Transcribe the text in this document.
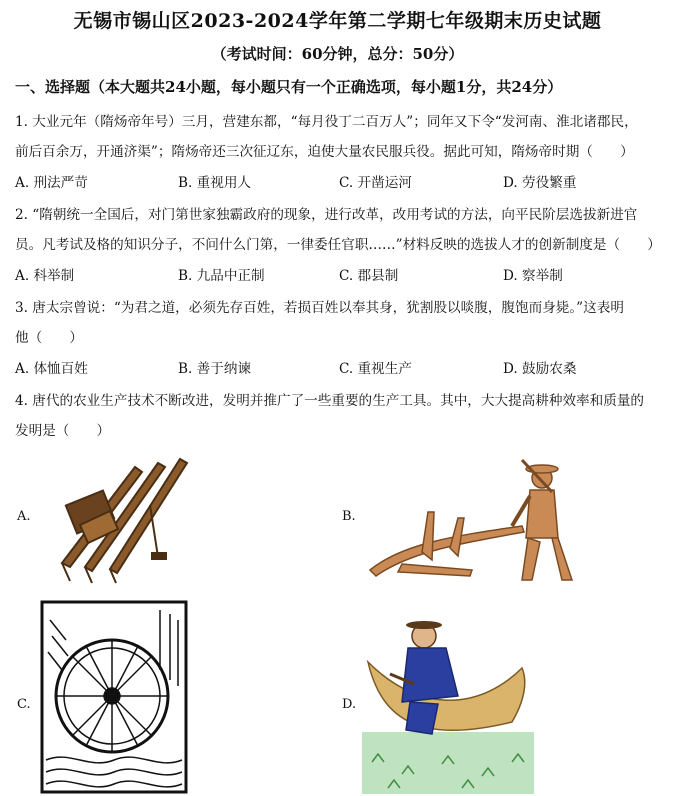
无锡市锡山区2023-2024学年第二学期七年级期末历史试题
（考试时间：60分钟，总分：50分）
一、选择题（本大题共24小题，每小题只有一个正确选项，每小题1分，共24分）
1. 大业元年（隋炀帝年号）三月，营建东都，“每月役丁二百万人”；同年又下令“发河南、淮北诸郡民，
前后百余万，开通济渠”；隋炀帝还三次征辽东，迫使大量农民服兵役。据此可知，隋炀帝时期（　　）
A. 刑法严苛	B. 重视用人	C. 开凿运河	D. 劳役繁重
2. “隋朝统一全国后，对门第世家独霸政府的现象，进行改革，改用考试的方法，向平民阶层选拔新进官
员。凡考试及格的知识分子，不问什么门第，一律委任官职……”材料反映的选拔人才的创新制度是（　　）
A. 科举制	B. 九品中正制	C. 郡县制	D. 察举制
3. 唐太宗曾说：“为君之道，必须先存百姓，若损百姓以奉其身，犹割股以啖腹，腹饱而身毙。”这表明
他（　　）
A. 体恤百姓	B. 善于纳谏	C. 重视生产	D. 鼓励农桑
4. 唐代的农业生产技术不断改进，发明并推广了一些重要的生产工具。其中，大大提高耕种效率和质量的
发明是（　　）
A.	B.
C.	D.
